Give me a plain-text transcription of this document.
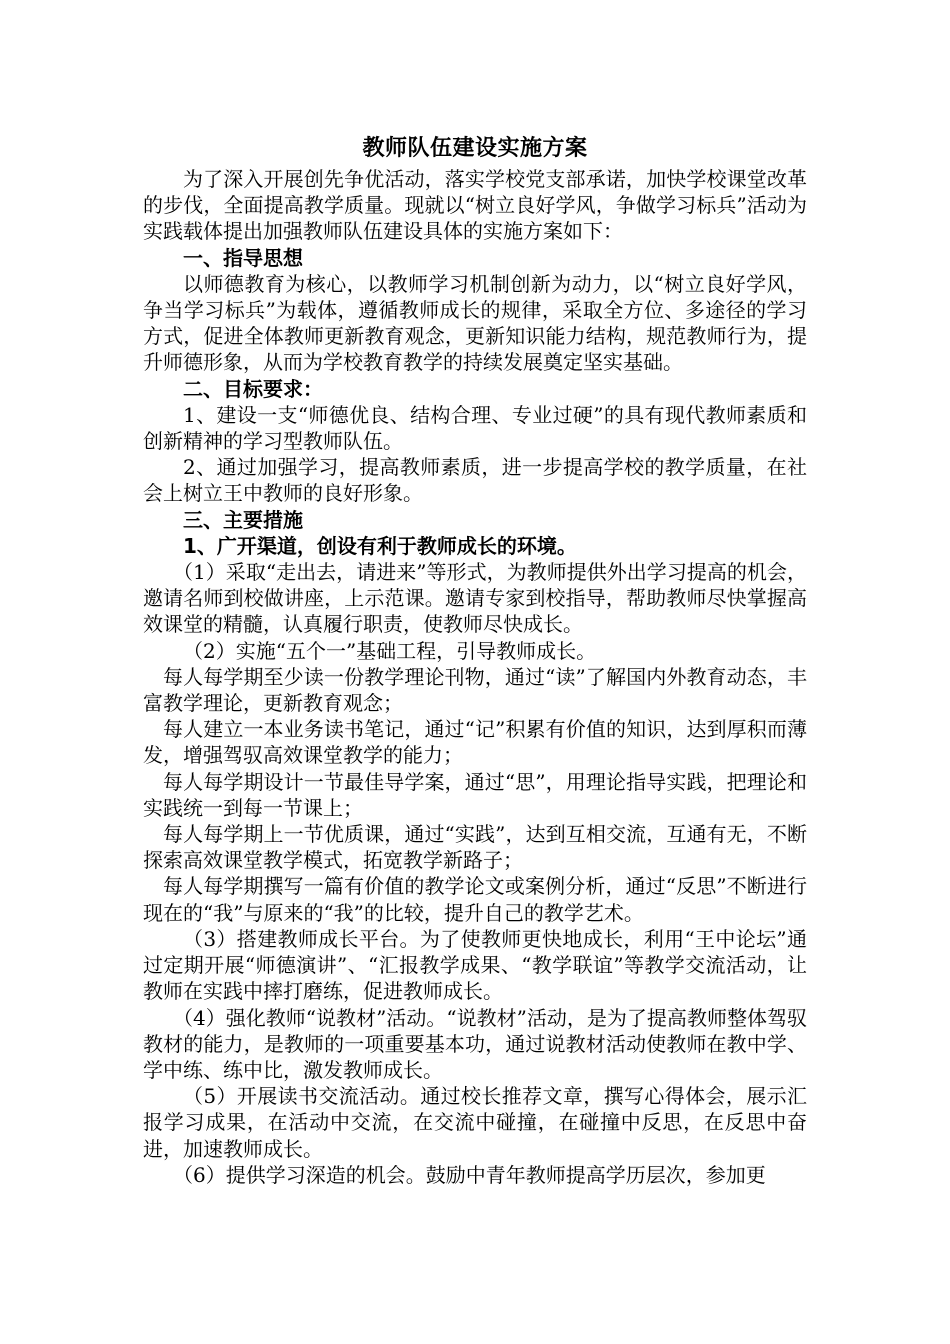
教师队伍建设实施方案

为了深入开展创先争优活动，落实学校党支部承诺，加快学校课堂改革的步伐，全面提高教学质量。现就以“树立良好学风，争做学习标兵”活动为实践载体提出加强教师队伍建设具体的实施方案如下：

一、指导思想

以师德教育为核心，以教师学习机制创新为动力，以“树立良好学风，争当学习标兵”为载体，遵循教师成长的规律，采取全方位、多途径的学习方式，促进全体教师更新教育观念，更新知识能力结构，规范教师行为，提升师德形象，从而为学校教育教学的持续发展奠定坚实基础。

二、目标要求：

1、建设一支“师德优良、结构合理、专业过硬”的具有现代教师素质和创新精神的学习型教师队伍。

2、通过加强学习，提高教师素质，进一步提高学校的教学质量，在社会上树立王中教师的良好形象。

三、主要措施

1、广开渠道，创设有利于教师成长的环境。

（1）采取“走出去，请进来”等形式，为教师提供外出学习提高的机会，邀请名师到校做讲座，上示范课。邀请专家到校指导，帮助教师尽快掌握高效课堂的精髓，认真履行职责，使教师尽快成长。

（2）实施“五个一”基础工程，引导教师成长。

每人每学期至少读一份教学理论刊物，通过“读”了解国内外教育动态，丰富教学理论，更新教育观念；

每人建立一本业务读书笔记，通过“记”积累有价值的知识，达到厚积而薄发，增强驾驭高效课堂教学的能力；

每人每学期设计一节最佳导学案，通过“思”，用理论指导实践，把理论和实践统一到每一节课上；

每人每学期上一节优质课，通过“实践”，达到互相交流，互通有无，不断探索高效课堂教学模式，拓宽教学新路子；

每人每学期撰写一篇有价值的教学论文或案例分析，通过“反思”不断进行现在的“我”与原来的“我”的比较，提升自己的教学艺术。

（3）搭建教师成长平台。为了使教师更快地成长，利用“王中论坛”通过定期开展“师德演讲”、“汇报教学成果、“教学联谊”等教学交流活动，让教师在实践中摔打磨练，促进教师成长。

（4）强化教师“说教材”活动。“说教材”活动，是为了提高教师整体驾驭教材的能力，是教师的一项重要基本功，通过说教材活动使教师在教中学、学中练、练中比，激发教师成长。

（5）开展读书交流活动。通过校长推荐文章，撰写心得体会，展示汇报学习成果，在活动中交流，在交流中碰撞，在碰撞中反思，在反思中奋进，加速教师成长。

（6）提供学习深造的机会。鼓励中青年教师提高学历层次，参加更
